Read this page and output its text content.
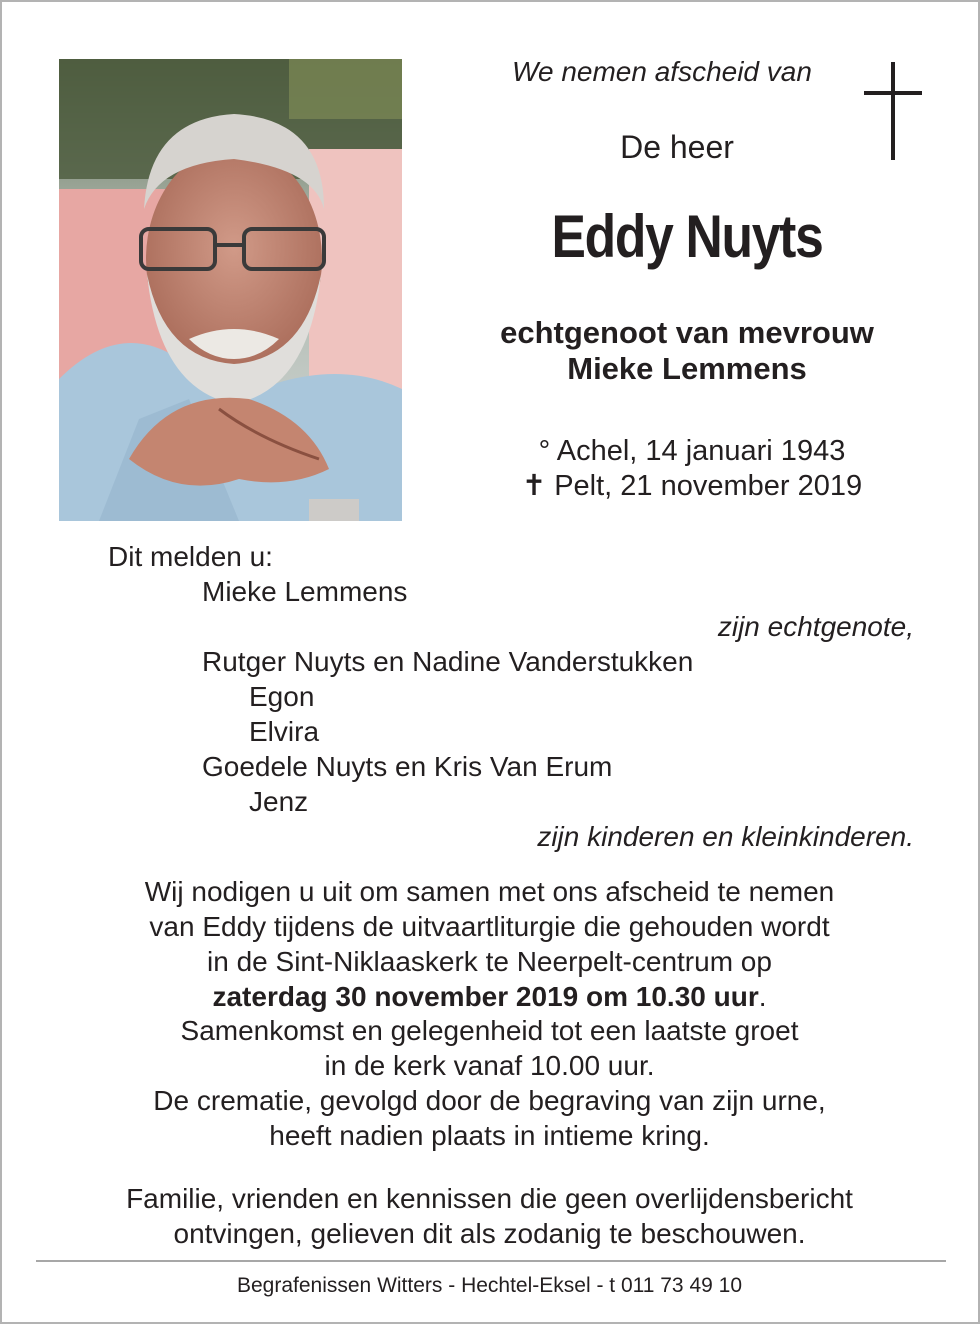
We nemen afscheid van
De heer
Eddy Nuyts
echtgenoot van mevrouw
Mieke Lemmens
° Achel, 14 januari 1943
✝ Pelt, 21 november 2019
Dit melden u:
Mieke Lemmens
zijn echtgenote,
Rutger Nuyts en Nadine Vanderstukken
Egon
Elvira
Goedele Nuyts en Kris Van Erum
Jenz
zijn kinderen en kleinkinderen.
Wij nodigen u uit om samen met ons afscheid te nemen
van Eddy tijdens de uitvaartliturgie die gehouden wordt
in de Sint-Niklaaskerk te Neerpelt-centrum op
zaterdag 30 november 2019 om 10.30 uur.
Samenkomst en gelegenheid tot een laatste groet
in de kerk vanaf 10.00 uur.
De crematie, gevolgd door de begraving van zijn urne,
heeft nadien plaats in intieme kring.
Familie, vrienden en kennissen die geen overlijdensbericht
ontvingen, gelieven dit als zodanig te beschouwen.
Begrafenissen Witters - Hechtel-Eksel - t 011 73 49 10
